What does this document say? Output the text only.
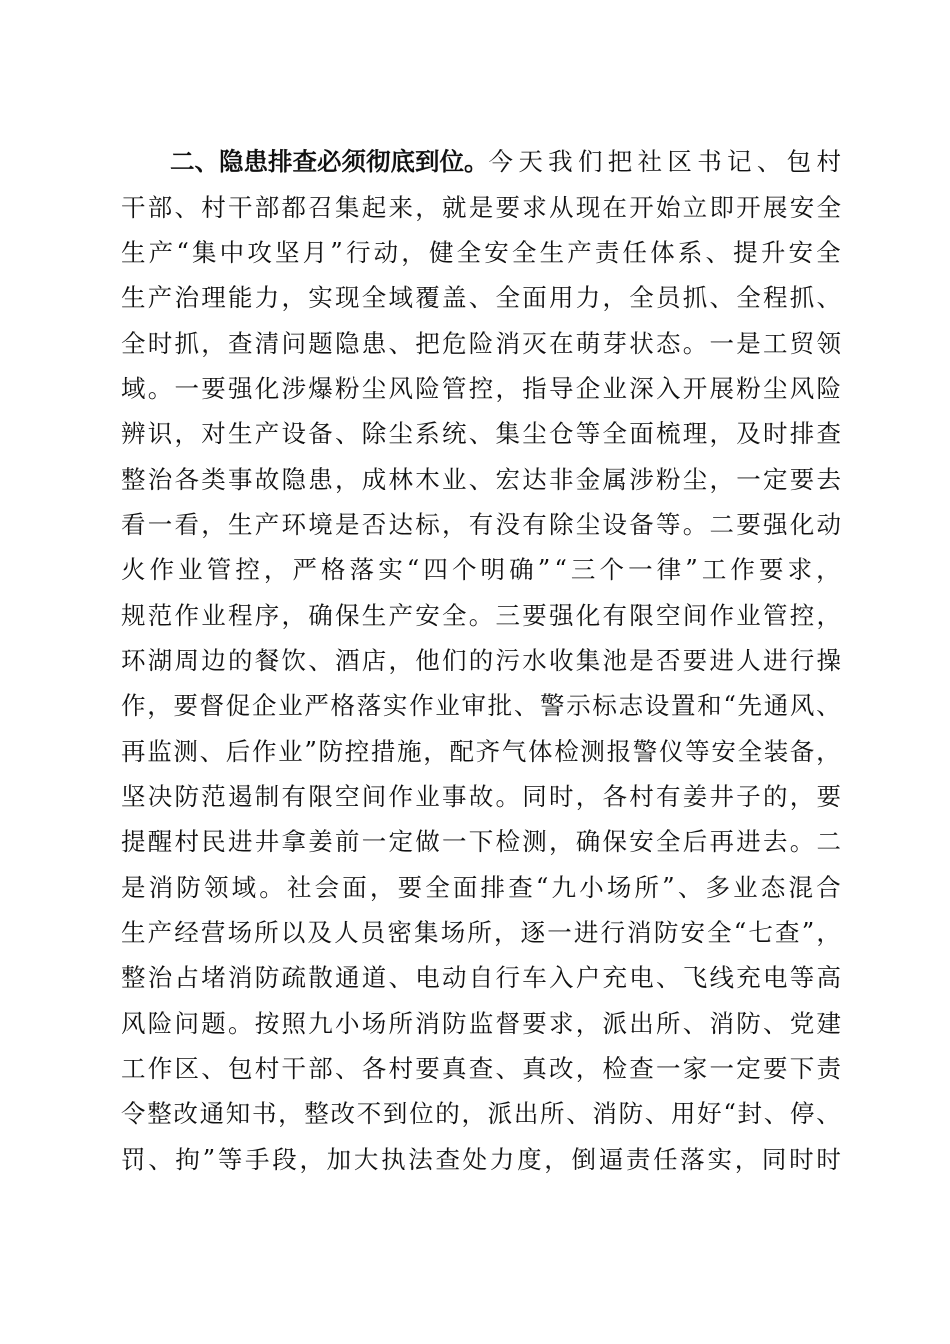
二、隐患排查必须彻底到位。 今 天 我 们 把 社 区 书 记 、 包 村
干 部 、 村 干 部 都 召 集 起 来 ， 就 是 要 求 从 现 在 开 始 立 即 开 展 安 全
生 产 “ 集 中 攻 坚 月 ” 行 动 ， 健 全 安 全 生 产 责 任 体 系 、 提 升 安 全
生 产 治 理 能 力 ， 实 现 全 域 覆 盖 、 全 面 用 力 ， 全 员 抓 、 全 程 抓 、
全 时 抓 ， 查 清 问 题 隐 患 、 把 危 险 消 灭 在 萌 芽 状 态 。 一 是 工 贸 领
域 。 一 要 强 化 涉 爆 粉 尘 风 险 管 控 ， 指 导 企 业 深 入 开 展 粉 尘 风 险
辨 识 ， 对 生 产 设 备 、 除 尘 系 统 、 集 尘 仓 等 全 面 梳 理 ， 及 时 排 查
整 治 各 类 事 故 隐 患 ， 成 林 木 业 、 宏 达 非 金 属 涉 粉 尘 ， 一 定 要 去
看 一 看 ， 生 产 环 境 是 否 达 标 ， 有 没 有 除 尘 设 备 等 。 二 要 强 化 动
火 作 业 管 控 ， 严 格 落 实 “ 四 个 明 确 ” “ 三 个 一 律 ” 工 作 要 求 ，
规 范 作 业 程 序 ， 确 保 生 产 安 全 。 三 要 强 化 有 限 空 间 作 业 管 控 ，
环 湖 周 边 的 餐 饮 、 酒 店 ， 他 们 的 污 水 收 集 池 是 否 要 进 人 进 行 操
作 ， 要 督 促 企 业 严 格 落 实 作 业 审 批 、 警 示 标 志 设 置 和 “ 先 通 风 、
再 监 测 、 后 作 业 ” 防 控 措 施 ， 配 齐 气 体 检 测 报 警 仪 等 安 全 装 备 ，
坚 决 防 范 遏 制 有 限 空 间 作 业 事 故 。 同 时 ， 各 村 有 姜 井 子 的 ， 要
提 醒 村 民 进 井 拿 姜 前 一 定 做 一 下 检 测 ， 确 保 安 全 后 再 进 去 。 二
是 消 防 领 域 。 社 会 面 ， 要 全 面 排 查 “ 九 小 场 所 ” 、 多 业 态 混 合
生 产 经 营 场 所 以 及 人 员 密 集 场 所 ， 逐 一 进 行 消 防 安 全 “ 七 查 ” ，
整 治 占 堵 消 防 疏 散 通 道 、 电 动 自 行 车 入 户 充 电 、 飞 线 充 电 等 高
风 险 问 题 。 按 照 九 小 场 所 消 防 监 督 要 求 ， 派 出 所 、 消 防 、 党 建
工 作 区 、 包 村 干 部 、 各 村 要 真 查 、 真 改 ， 检 查 一 家 一 定 要 下 责
令 整 改 通 知 书 ， 整 改 不 到 位 的 ， 派 出 所 、 消 防 、 用 好 “ 封 、 停 、
罚 、 拘 ” 等 手 段 ， 加 大 执 法 查 处 力 度 ， 倒 逼 责 任 落 实 ， 同 时 时
